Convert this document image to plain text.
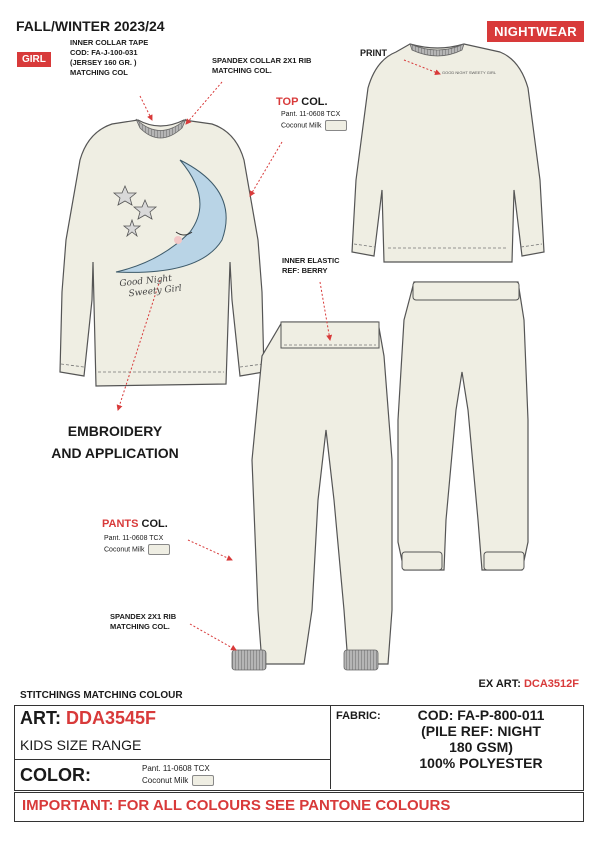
FALL/WINTER 2023/24
GIRL
NIGHTWEAR
Good Night
Sweety Girl
GOOD NIGHT SWEETY GIRL
INNER COLLAR TAPE
COD: FA-J-100-031
(JERSEY 160 GR. )
MATCHING COL
SPANDEX COLLAR 2X1 RIB
MATCHING COL.
PRINT
TOP COL.
Pant. 11-0608 TCX
Coconut Milk
INNER ELASTIC
REF: BERRY
EMBROIDERY
AND APPLICATION
PANTS COL.
Pant. 11-0608 TCX
Coconut Milk
SPANDEX 2X1 RIB
MATCHING COL.
EX ART: DCA3512F
STITCHINGS MATCHING COLOUR
ART: DDA3545F
KIDS SIZE RANGE
COLOR:	Pant. 11-0608 TCX
Coconut Milk
FABRIC:	COD: FA-P-800-011
(PILE REF: NIGHT
180 GSM)
100% POLYESTER
IMPORTANT: FOR ALL COLOURS SEE PANTONE COLOURS
